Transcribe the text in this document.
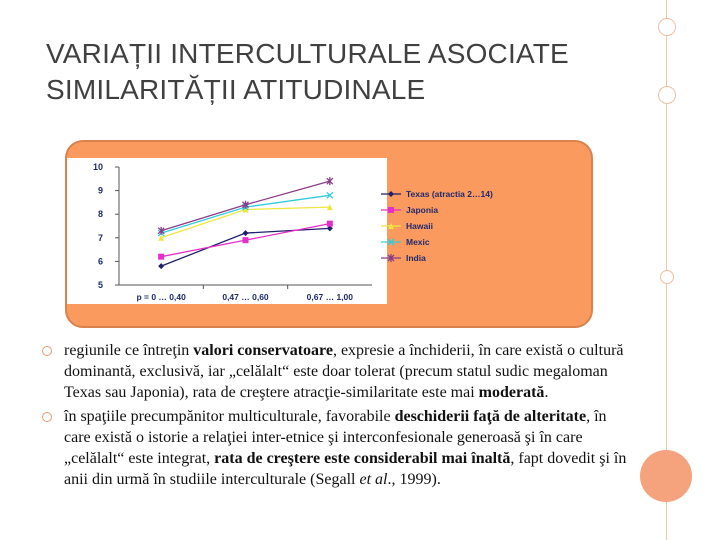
VARIAȚII INTERCULTURALE ASOCIATE
SIMILARITĂȚII ATITUDINALE
5
6
7
8
9
10
p = 0 … 0,40	0,47 … 0,60	0,67 … 1,00
Texas (atractia 2…14)
Japonia
Hawaii
Mexic
India
regiunile ce întreţin valori conservatoare, expresie a închiderii, în care există o cultură dominantă, exclusivă, iar „celălalt“ este doar tolerat (precum statul sudic megaloman Texas sau Japonia), rata de creştere atracţie-similaritate este mai moderată.
în spaţiile precumpănitor multiculturale, favorabile deschiderii faţă de alteritate, în care există o istorie a relaţiei inter-etnice şi interconfesionale generoasă şi în care „celălalt“ este integrat, rata de creştere este considerabil mai înaltă, fapt dovedit şi în anii din urmă în studiile interculturale (Segall et al., 1999).
